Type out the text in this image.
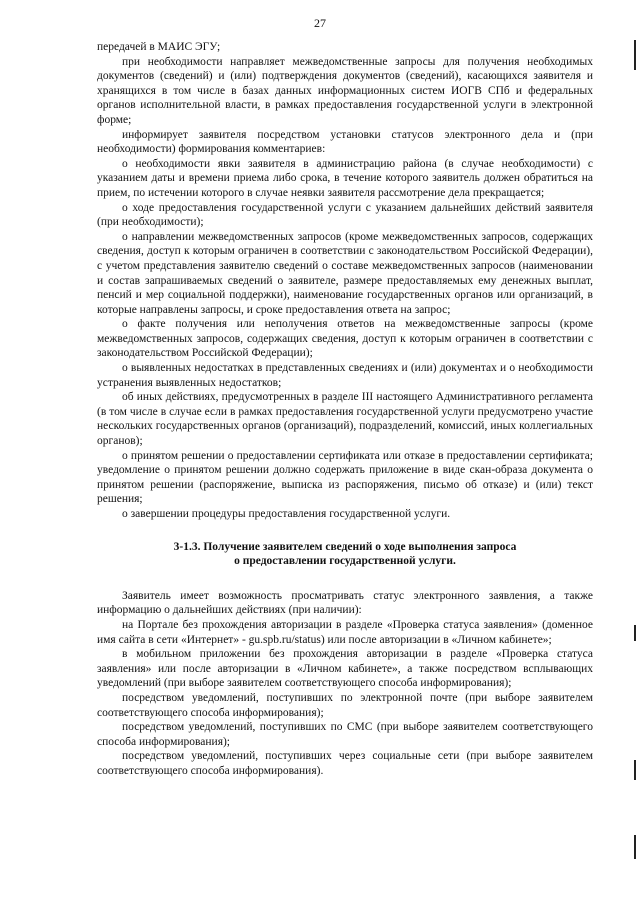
27

передачей в МАИС ЭГУ;

при необходимости направляет межведомственные запросы для получения необходимых документов (сведений) и (или) подтверждения документов (сведений), касающихся заявителя и хранящихся в том числе в базах данных информационных систем ИОГВ СПб и федеральных органов исполнительной власти, в рамках предоставления государственной услуги в электронной форме;

информирует заявителя посредством установки статусов электронного дела и (при необходимости) формирования комментариев:

о необходимости явки заявителя в администрацию района (в случае необходимости) с указанием даты и времени приема либо срока, в течение которого заявитель должен обратиться на прием, по истечении которого в случае неявки заявителя рассмотрение дела прекращается;

о ходе предоставления государственной услуги с указанием дальнейших действий заявителя (при необходимости);

о направлении межведомственных запросов (кроме межведомственных запросов, содержащих сведения, доступ к которым ограничен в соответствии с законодательством Российской Федерации), с учетом представления заявителю сведений о составе межведомственных запросов (наименовании и состав запрашиваемых сведений о заявителе, размере предоставляемых ему денежных выплат, пенсий и мер социальной поддержки), наименование государственных органов или организаций, в которые направлены запросы, и сроке предоставления ответа на запрос;

о факте получения или неполучения ответов на межведомственные запросы (кроме межведомственных запросов, содержащих сведения, доступ к которым ограничен в соответствии с законодательством Российской Федерации);

о выявленных недостатках в представленных сведениях и (или) документах и о необходимости устранения выявленных недостатков;

об иных действиях, предусмотренных в разделе III настоящего Административного регламента (в том числе в случае если в рамках предоставления государственной услуги предусмотрено участие нескольких государственных органов (организаций), подразделений, комиссий, иных коллегиальных органов);

о принятом решении о предоставлении сертификата или отказе в предоставлении сертификата; уведомление о принятом решении должно содержать приложение в виде скан-образа документа о принятом решении (распоряжение, выписка из распоряжения, письмо об отказе) и (или) текст решения;

о завершении процедуры предоставления государственной услуги.

3-1.3. Получение заявителем сведений о ходе выполнения запроса
о предоставлении государственной услуги.

Заявитель имеет возможность просматривать статус электронного заявления, а также информацию о дальнейших действиях (при наличии):

на Портале без прохождения авторизации в разделе «Проверка статуса заявления» (доменное имя сайта в сети «Интернет» - gu.spb.ru/status) или после авторизации в «Личном кабинете»;

в мобильном приложении без прохождения авторизации в разделе «Проверка статуса заявления» или после авторизации в «Личном кабинете», а также посредством всплывающих уведомлений (при выборе заявителем соответствующего способа информирования);

посредством уведомлений, поступивших по электронной почте (при выборе заявителем соответствующего способа информирования);

посредством уведомлений, поступивших по СМС (при выборе заявителем соответствующего способа информирования);

посредством уведомлений, поступивших через социальные сети (при выборе заявителем соответствующего способа информирования).
